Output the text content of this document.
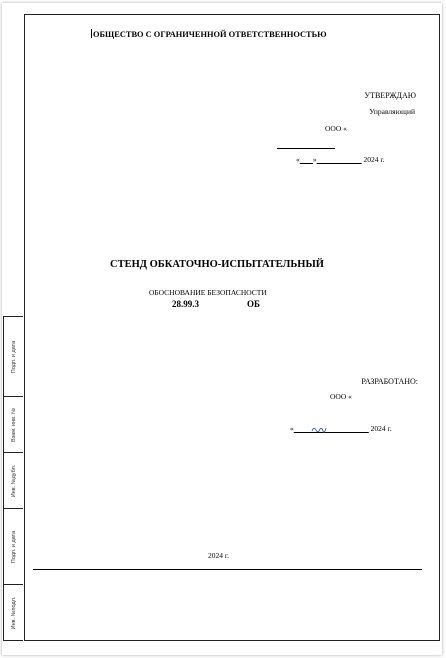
Подп. и дата
Взам. инв. №
Инв. №дубл.
Подп. и дата
Инв. №подл.
ОБЩЕСТВО С ОГРАНИЧЕННОЙ ОТВЕТСТВЕННОСТЬЮ
УТВЕРЖДАЮ
Управляющий
ООО «
« »	2024 г.
СТЕНД ОБКАТОЧНО-ИСПЫТАТЕЛЬНЫЙ
ОБОСНОВАНИЕ БЕЗОПАСНОСТИ
28.99.3	ОБ
РАЗРАБОТАНО:
ООО «
«	2024 г.
2024 г.
